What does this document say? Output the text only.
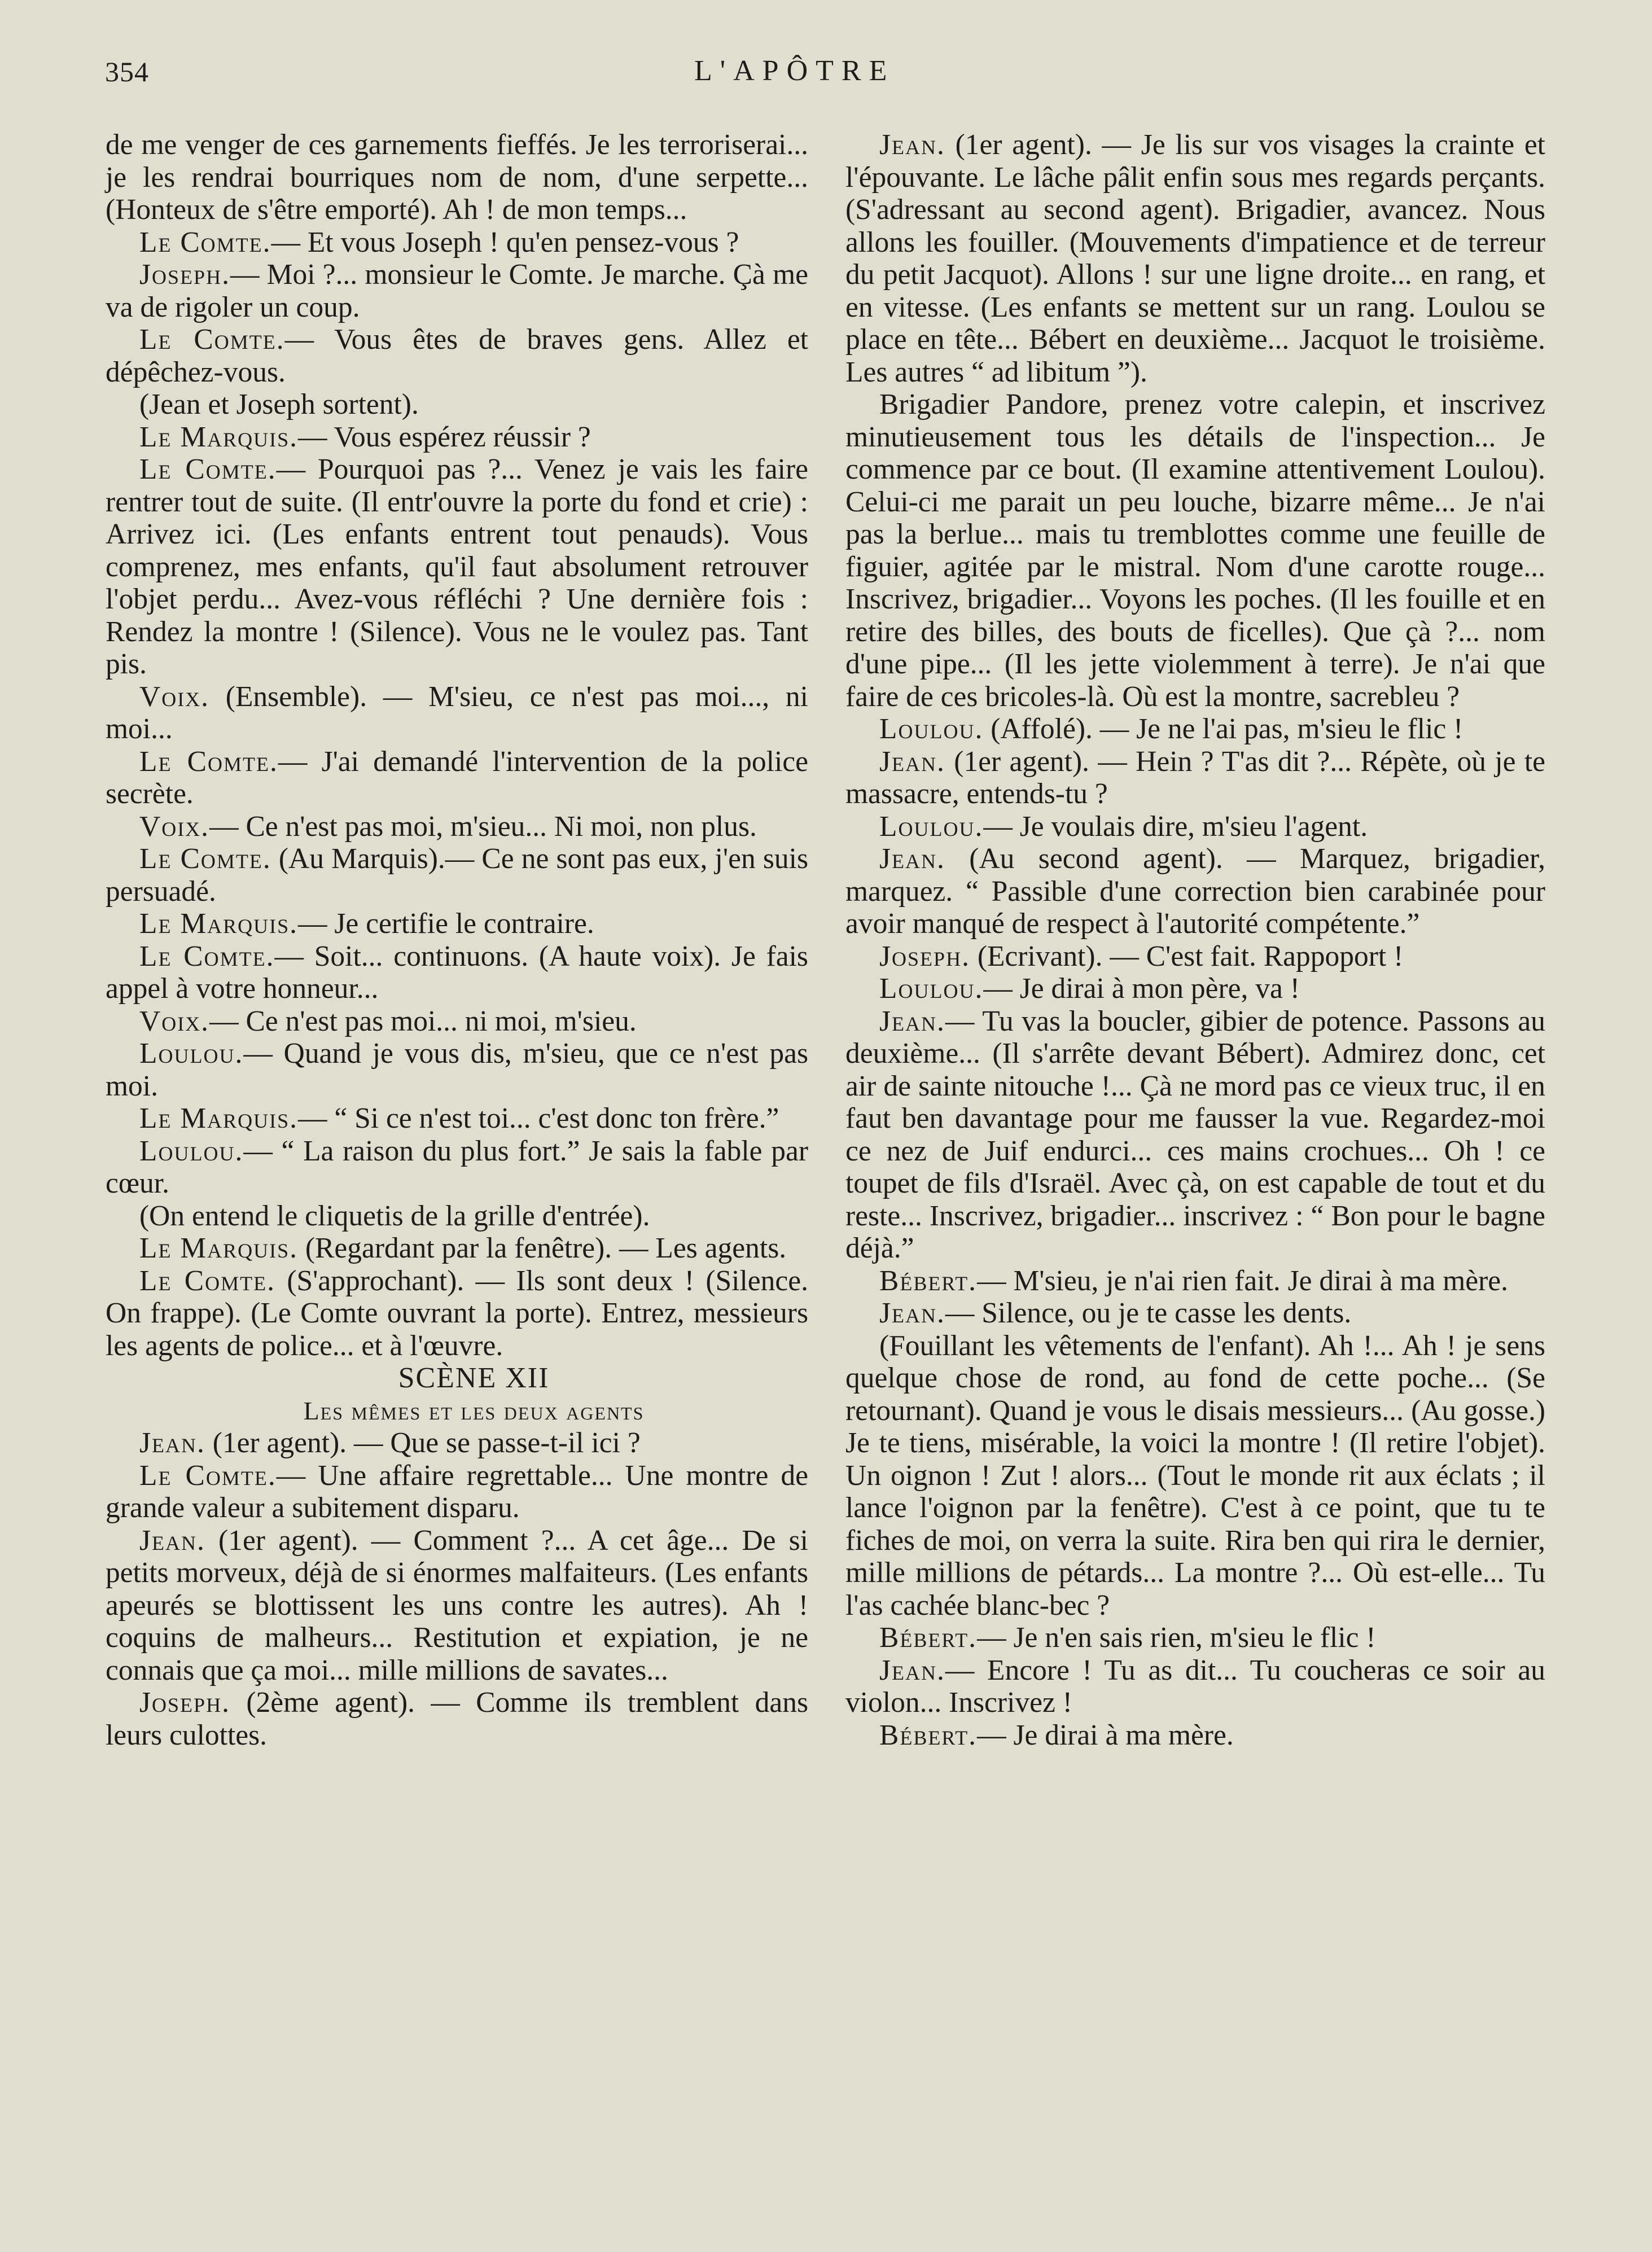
354	L'APÔTRE

de me venger de ces garnements fieffés. Je les terroriserai... je les rendrai bourriques nom de nom, d'une serpette... (Honteux de s'être emporté). Ah ! de mon temps...

Le Comte.— Et vous Joseph ! qu'en pensez-vous ?

Joseph.— Moi ?... monsieur le Comte. Je marche. Çà me va de rigoler un coup.

Le Comte.— Vous êtes de braves gens. Allez et dépêchez-vous.

(Jean et Joseph sortent).

Le Marquis.— Vous espérez réussir ?

Le Comte.— Pourquoi pas ?... Venez je vais les faire rentrer tout de suite. (Il entr'ouvre la porte du fond et crie) : Arrivez ici. (Les enfants entrent tout penauds). Vous comprenez, mes enfants, qu'il faut absolument retrouver l'objet perdu... Avez-vous réfléchi ? Une dernière fois : Rendez la montre ! (Silence). Vous ne le voulez pas. Tant pis.

Voix. (Ensemble). — M'sieu, ce n'est pas moi..., ni moi...

Le Comte.— J'ai demandé l'intervention de la police secrète.

Voix.— Ce n'est pas moi, m'sieu... Ni moi, non plus.

Le Comte. (Au Marquis).— Ce ne sont pas eux, j'en suis persuadé.

Le Marquis.— Je certifie le contraire.

Le Comte.— Soit... continuons. (A haute voix). Je fais appel à votre honneur...

Voix.— Ce n'est pas moi... ni moi, m'sieu.

Loulou.— Quand je vous dis, m'sieu, que ce n'est pas moi.

Le Marquis.— “ Si ce n'est toi... c'est donc ton frère.”

Loulou.— “ La raison du plus fort.” Je sais la fable par cœur.

(On entend le cliquetis de la grille d'entrée).

Le Marquis. (Regardant par la fenêtre). — Les agents.

Le Comte. (S'approchant). — Ils sont deux ! (Silence. On frappe). (Le Comte ouvrant la porte). Entrez, messieurs les agents de police... et à l'œuvre.

SCÈNE XII

Les mêmes et les deux agents

Jean. (1er agent). — Que se passe-t-il ici ?

Le Comte.— Une affaire regrettable... Une montre de grande valeur a subitement disparu.

Jean. (1er agent). — Comment ?... A cet âge... De si petits morveux, déjà de si énormes malfaiteurs. (Les enfants apeurés se blottissent les uns contre les autres). Ah ! coquins de malheurs... Restitution et expiation, je ne connais que ça moi... mille millions de savates...

Joseph. (2ème agent). — Comme ils tremblent dans leurs culottes.

Jean. (1er agent). — Je lis sur vos visages la crainte et l'épouvante. Le lâche pâlit enfin sous mes regards perçants. (S'adressant au second agent). Brigadier, avancez. Nous allons les fouiller. (Mouvements d'impatience et de terreur du petit Jacquot). Allons ! sur une ligne droite... en rang, et en vitesse. (Les enfants se mettent sur un rang. Loulou se place en tête... Bébert en deuxième... Jacquot le troisième. Les autres “ ad libitum ”).

Brigadier Pandore, prenez votre calepin, et inscrivez minutieusement tous les détails de l'inspection... Je commence par ce bout. (Il examine attentivement Loulou). Celui-ci me parait un peu louche, bizarre même... Je n'ai pas la berlue... mais tu tremblottes comme une feuille de figuier, agitée par le mistral. Nom d'une carotte rouge... Inscrivez, brigadier... Voyons les poches. (Il les fouille et en retire des billes, des bouts de ficelles). Que çà ?... nom d'une pipe... (Il les jette violemment à terre). Je n'ai que faire de ces bricoles-là. Où est la montre, sacrebleu ?

Loulou. (Affolé). — Je ne l'ai pas, m'sieu le flic !

Jean. (1er agent). — Hein ? T'as dit ?... Répète, où je te massacre, entends-tu ?

Loulou.— Je voulais dire, m'sieu l'agent.

Jean. (Au second agent). — Marquez, brigadier, marquez. “ Passible d'une correction bien carabinée pour avoir manqué de respect à l'autorité compétente.”

Joseph. (Ecrivant). — C'est fait. Rappoport !

Loulou.— Je dirai à mon père, va !

Jean.— Tu vas la boucler, gibier de potence. Passons au deuxième... (Il s'arrête devant Bébert). Admirez donc, cet air de sainte nitouche !... Çà ne mord pas ce vieux truc, il en faut ben davantage pour me fausser la vue. Regardez-moi ce nez de Juif endurci... ces mains crochues... Oh ! ce toupet de fils d'Israël. Avec çà, on est capable de tout et du reste... Inscrivez, brigadier... inscrivez : “ Bon pour le bagne déjà.”

Bébert.— M'sieu, je n'ai rien fait. Je dirai à ma mère.

Jean.— Silence, ou je te casse les dents.

(Fouillant les vêtements de l'enfant). Ah !... Ah ! je sens quelque chose de rond, au fond de cette poche... (Se retournant). Quand je vous le disais messieurs... (Au gosse.) Je te tiens, misérable, la voici la montre ! (Il retire l'objet). Un oignon ! Zut ! alors... (Tout le monde rit aux éclats ; il lance l'oignon par la fenêtre). C'est à ce point, que tu te fiches de moi, on verra la suite. Rira ben qui rira le dernier, mille millions de pétards... La montre ?... Où est-elle... Tu l'as cachée blanc-bec ?

Bébert.— Je n'en sais rien, m'sieu le flic !

Jean.— Encore ! Tu as dit... Tu coucheras ce soir au violon... Inscrivez !

Bébert.— Je dirai à ma mère.
